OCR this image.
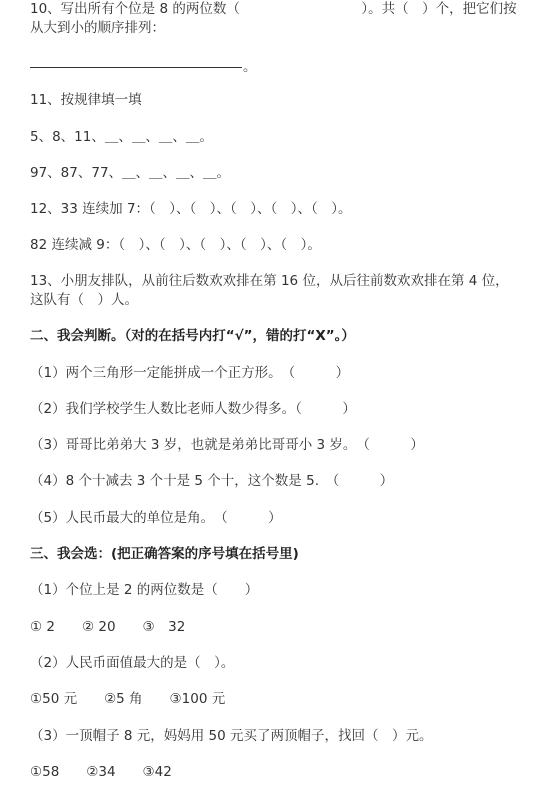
10、写出所有个位是 8 的两位数（　　　　　　　　　）。共（　）个，把它们按
从大到小的顺序排列：
。
11、按规律填一填
5、8、11、＿、＿、＿、＿。
97、87、77、＿、＿、＿、＿。
12、33 连续加 7：（　）、（　）、（　）、（　）、（　）。
82 连续减 9：（　）、（　）、（　）、（　）、（　）。
13、小朋友排队，从前往后数欢欢排在第 16 位，从后往前数欢欢排在第 4 位，
这队有（　）人。
二、我会判断。（对的在括号内打“√”，错的打“X”。）
（1）两个三角形一定能拼成一个正方形。　（　　　）
（2）我们学校学生人数比老师人数少得多。（　　　）
（3）哥哥比弟弟大 3 岁，也就是弟弟比哥哥小 3 岁。　（　　　）
（4）8 个十减去 3 个十是 5 个十，这个数是 5.　（　　　）
（5）人民币最大的单位是角。　（　　　）
三、我会选：(把正确答案的序号填在括号里)
（1）个位上是 2 的两位数是（　　）
① 2　　② 20　　③　32
（2）人民币面值最大的是（　）。
①50 元　　②5 角　　③100 元
（3）一顶帽子 8 元，妈妈用 50 元买了两顶帽子，找回（　）元。
①58　　②34　　③42
